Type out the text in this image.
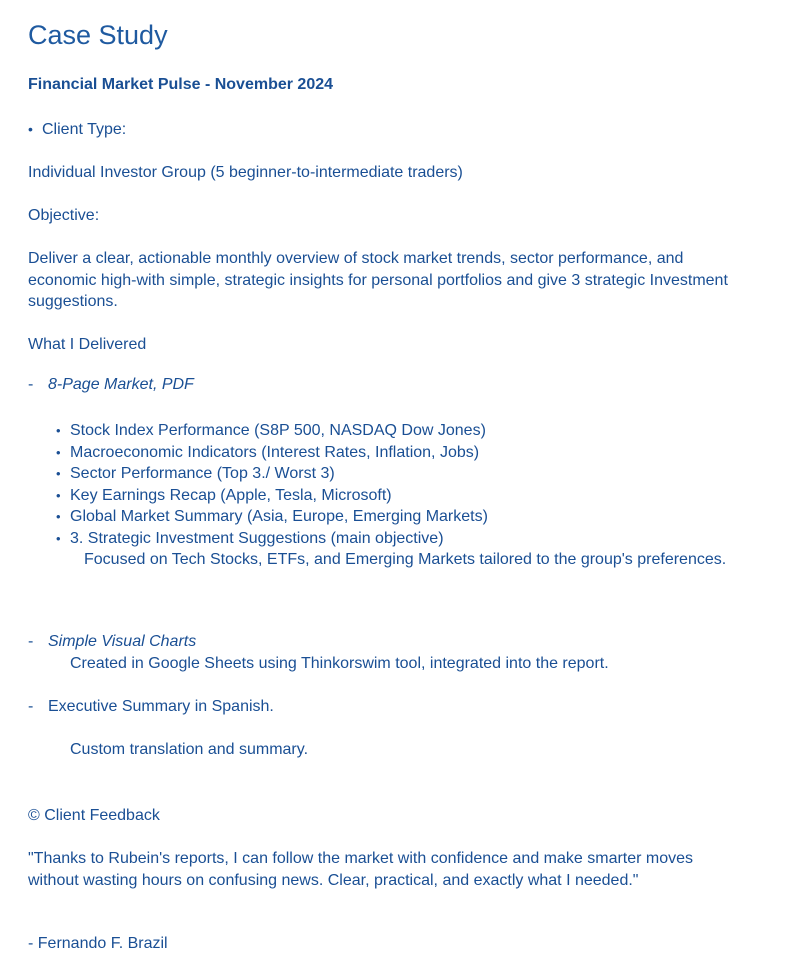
Case Study
Financial Market Pulse - November 2024
• Client Type:
Individual Investor Group (5 beginner-to-intermediate traders)
Objective:
Deliver a clear, actionable monthly overview of stock market trends, sector performance, and economic high-with simple, strategic insights for personal portfolios and give 3 strategic Investment suggestions.
What I Delivered
- 8-Page Market, PDF
• Stock Index Performance (S8P 500, NASDAQ Dow Jones)
• Macroeconomic Indicators (Interest Rates, Inflation, Jobs)
• Sector Performance (Top 3./ Worst 3)
• Key Earnings Recap (Apple, Tesla, Microsoft)
• Global Market Summary (Asia, Europe, Emerging Markets)
• 3. Strategic Investment Suggestions (main objective)
Focused on Tech Stocks, ETFs, and Emerging Markets tailored to the group's preferences.
- Simple Visual Charts
Created in Google Sheets using Thinkorswim tool, integrated into the report.
- Executive Summary in Spanish.
Custom translation and summary.
© Client Feedback
"Thanks to Rubein's reports, I can follow the market with confidence and make smarter moves without wasting hours on confusing news. Clear, practical, and exactly what I needed."
- Fernando F. Brazil
